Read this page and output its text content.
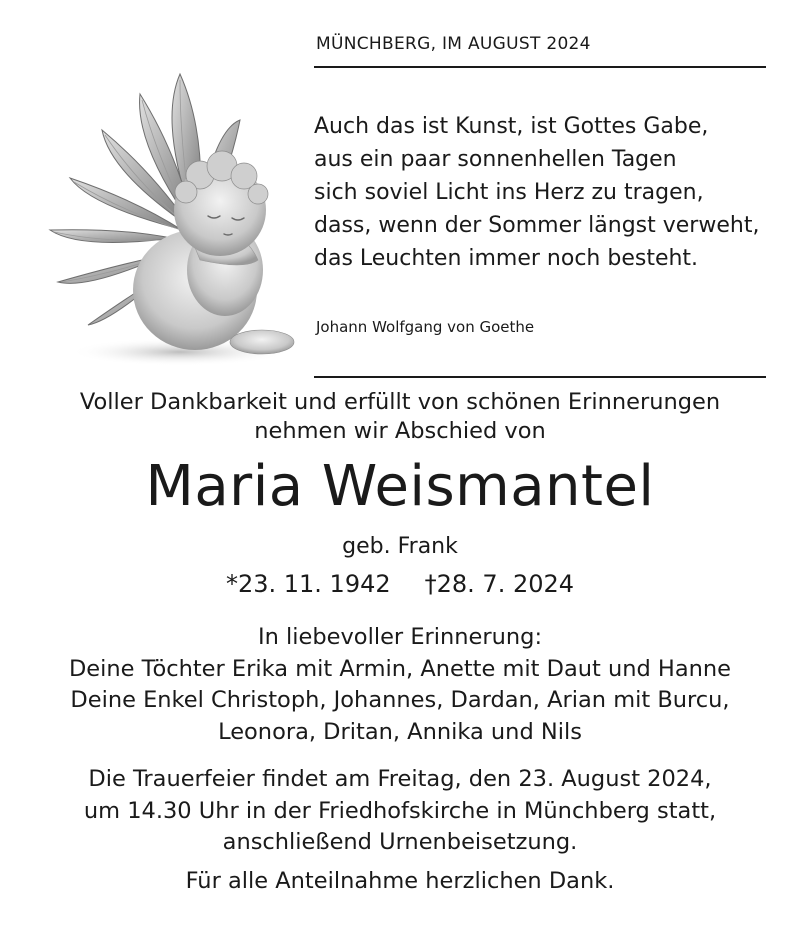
MÜNCHBERG, IM AUGUST 2024
Auch das ist Kunst, ist Gottes Gabe,
aus ein paar sonnenhellen Tagen
sich soviel Licht ins Herz zu tragen,
dass, wenn der Sommer längst verweht,
das Leuchten immer noch besteht.
Johann Wolfgang von Goethe
Voller Dankbarkeit und erfüllt von schönen Erinnerungen
nehmen wir Abschied von
Maria Weismantel
geb. Frank
*23. 11. 1942 †28. 7. 2024
In liebevoller Erinnerung:
Deine Töchter Erika mit Armin, Anette mit Daut und Hanne
Deine Enkel Christoph, Johannes, Dardan, Arian mit Burcu,
Leonora, Dritan, Annika und Nils
Die Trauerfeier findet am Freitag, den 23. August 2024,
um 14.30 Uhr in der Friedhofskirche in Münchberg statt,
anschließend Urnenbeisetzung.
Für alle Anteilnahme herzlichen Dank.
